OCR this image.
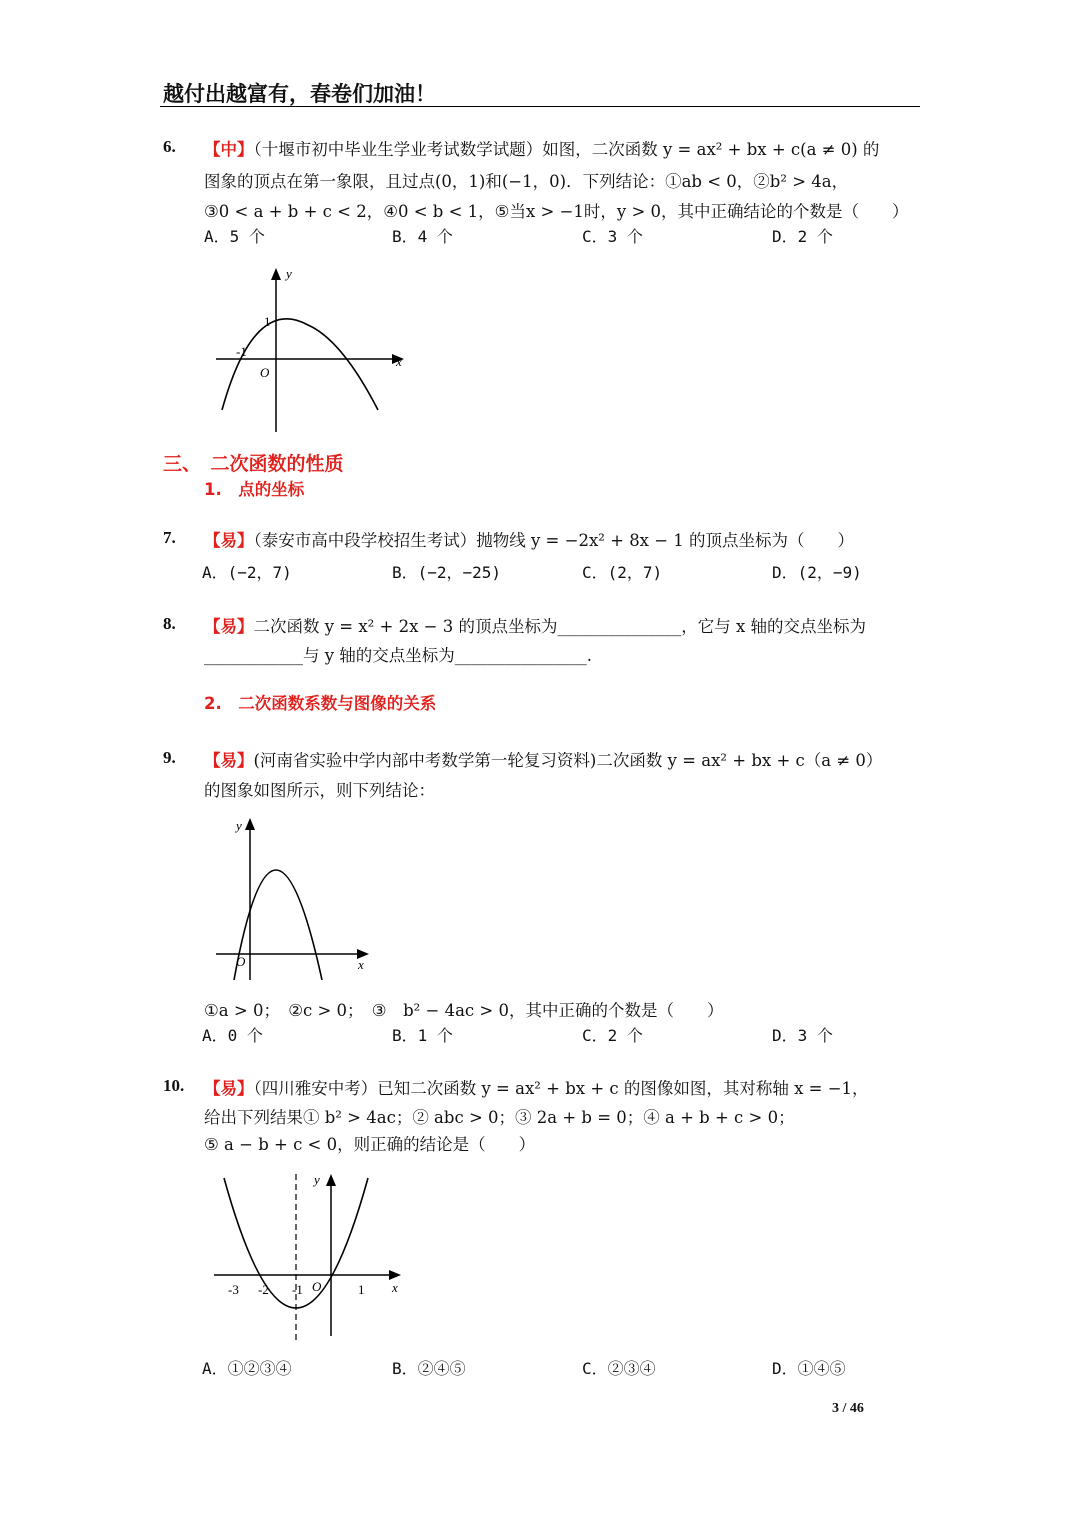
越付出越富有，春卷们加油！
6. 【中】（十堰市初中毕业生学业考试数学试题）如图，二次函数 y = ax² + bx + c(a ≠ 0) 的
图象的顶点在第一象限，且过点(0，1)和(−1，0)．下列结论：①ab < 0，②b² > 4a，
③0 < a + b + c < 2，④0 < b < 1，⑤当x > −1时，y > 0，其中正确结论的个数是（　　）
A．5 个	B．4 个	C．3 个	D．2 个
y
x
1
-1
O
三、　二次函数的性质
1.　点的坐标
7. 【易】（泰安市高中段学校招生考试）抛物线 y = −2x² + 8x − 1 的顶点坐标为（　　）
A．(−2，7)	B．(−2，−25)	C．(2，7)	D．(2，−9)
8. 【易】二次函数 y = x² + 2x − 3 的顶点坐标为_______________，它与 x 轴的交点坐标为
____________与 y 轴的交点坐标为________________.
2.　二次函数系数与图像的关系
9. 【易】(河南省实验中学内部中考数学第一轮复习资料)二次函数 y = ax² + bx + c（a ≠ 0）
的图象如图所示，则下列结论：
y
x
O
①a > 0；　②c > 0；　③　b² − 4ac > 0，其中正确的个数是（　　）
A．0 个	B．1 个	C．2 个	D．3 个
10. 【易】（四川雅安中考）已知二次函数 y = ax² + bx + c 的图像如图，其对称轴 x = −1，
给出下列结果① b² > 4ac；② abc > 0；③ 2a + b = 0；④ a + b + c > 0；
⑤ a − b + c < 0，则正确的结论是（　　）
y
x
O
-3 -2 -1	1
A．①②③④	B．②④⑤	C．②③④	D．①④⑤
3 / 46
